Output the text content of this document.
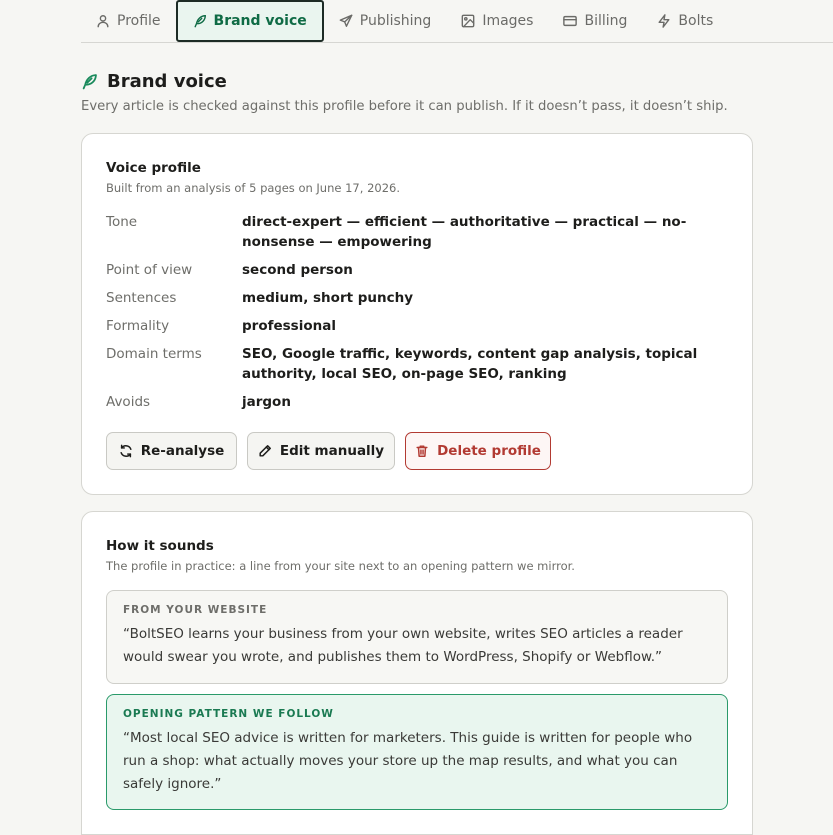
Profile	Brand voice	Publishing	Images	Billing	Bolts
Brand voice

Every article is checked against this profile before it can publish. If it doesn’t pass, it doesn’t ship.

Voice profile
Built from an analysis of 5 pages on June 17, 2026.
Tone	direct-expert — efficient — authoritative — practical — no-nonsense — empowering
Point of view	second person
Sentences	medium, short punchy
Formality	professional
Domain terms	SEO, Google traffic, keywords, content gap analysis, topical authority, local SEO, on-page SEO, ranking
Avoids	jargon
Re-analyse	Edit manually	Delete profile
How it sounds
The profile in practice: a line from your site next to an opening pattern we mirror.
FROM YOUR WEBSITE
“BoltSEO learns your business from your own website, writes SEO articles a reader would swear you wrote, and publishes them to WordPress, Shopify or Webflow.”
OPENING PATTERN WE FOLLOW
“Most local SEO advice is written for marketers. This guide is written for people who run a shop: what actually moves your store up the map results, and what you can safely ignore.”
